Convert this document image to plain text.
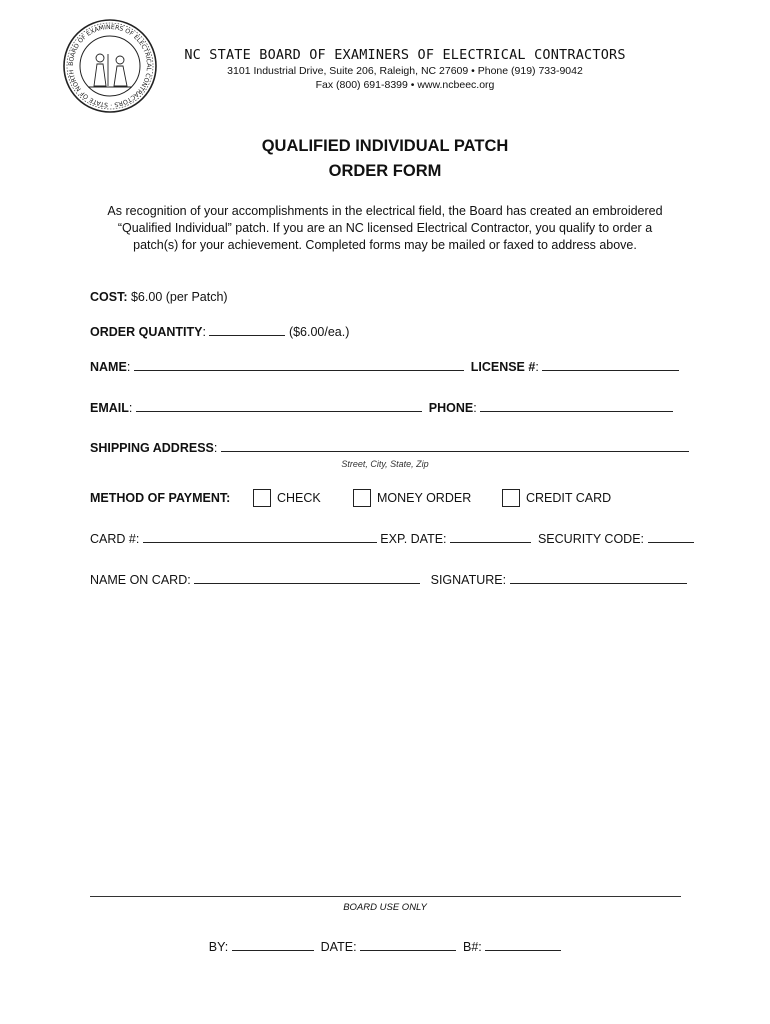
BOARD OF EXAMINERS OF ELECTRICAL CONTRACTORS · STATE OF NORTH
NC STATE BOARD OF EXAMINERS OF ELECTRICAL CONTRACTORS
3101 Industrial Drive, Suite 206, Raleigh, NC 27609 • Phone (919) 733-9042
Fax (800) 691-8399 • www.ncbeec.org
QUALIFIED INDIVIDUAL PATCH
ORDER FORM
As recognition of your accomplishments in the electrical field, the Board has created an embroidered
“Qualified Individual” patch. If you are an NC licensed Electrical Contractor, you qualify to order a
patch(s) for your achievement. Completed forms may be mailed or faxed to address above.
COST: $6.00 (per Patch)
ORDER QUANTITY:	($6.00/ea.)
NAME:	LICENSE #:
EMAIL:	PHONE:
SHIPPING ADDRESS:
Street, City, State, Zip
METHOD OF PAYMENT:	CHECK	MONEY ORDER	CREDIT CARD
CARD #:	EXP. DATE:	SECURITY CODE:
NAME ON CARD:	SIGNATURE:
BOARD USE ONLY
BY:	DATE:	B#:
